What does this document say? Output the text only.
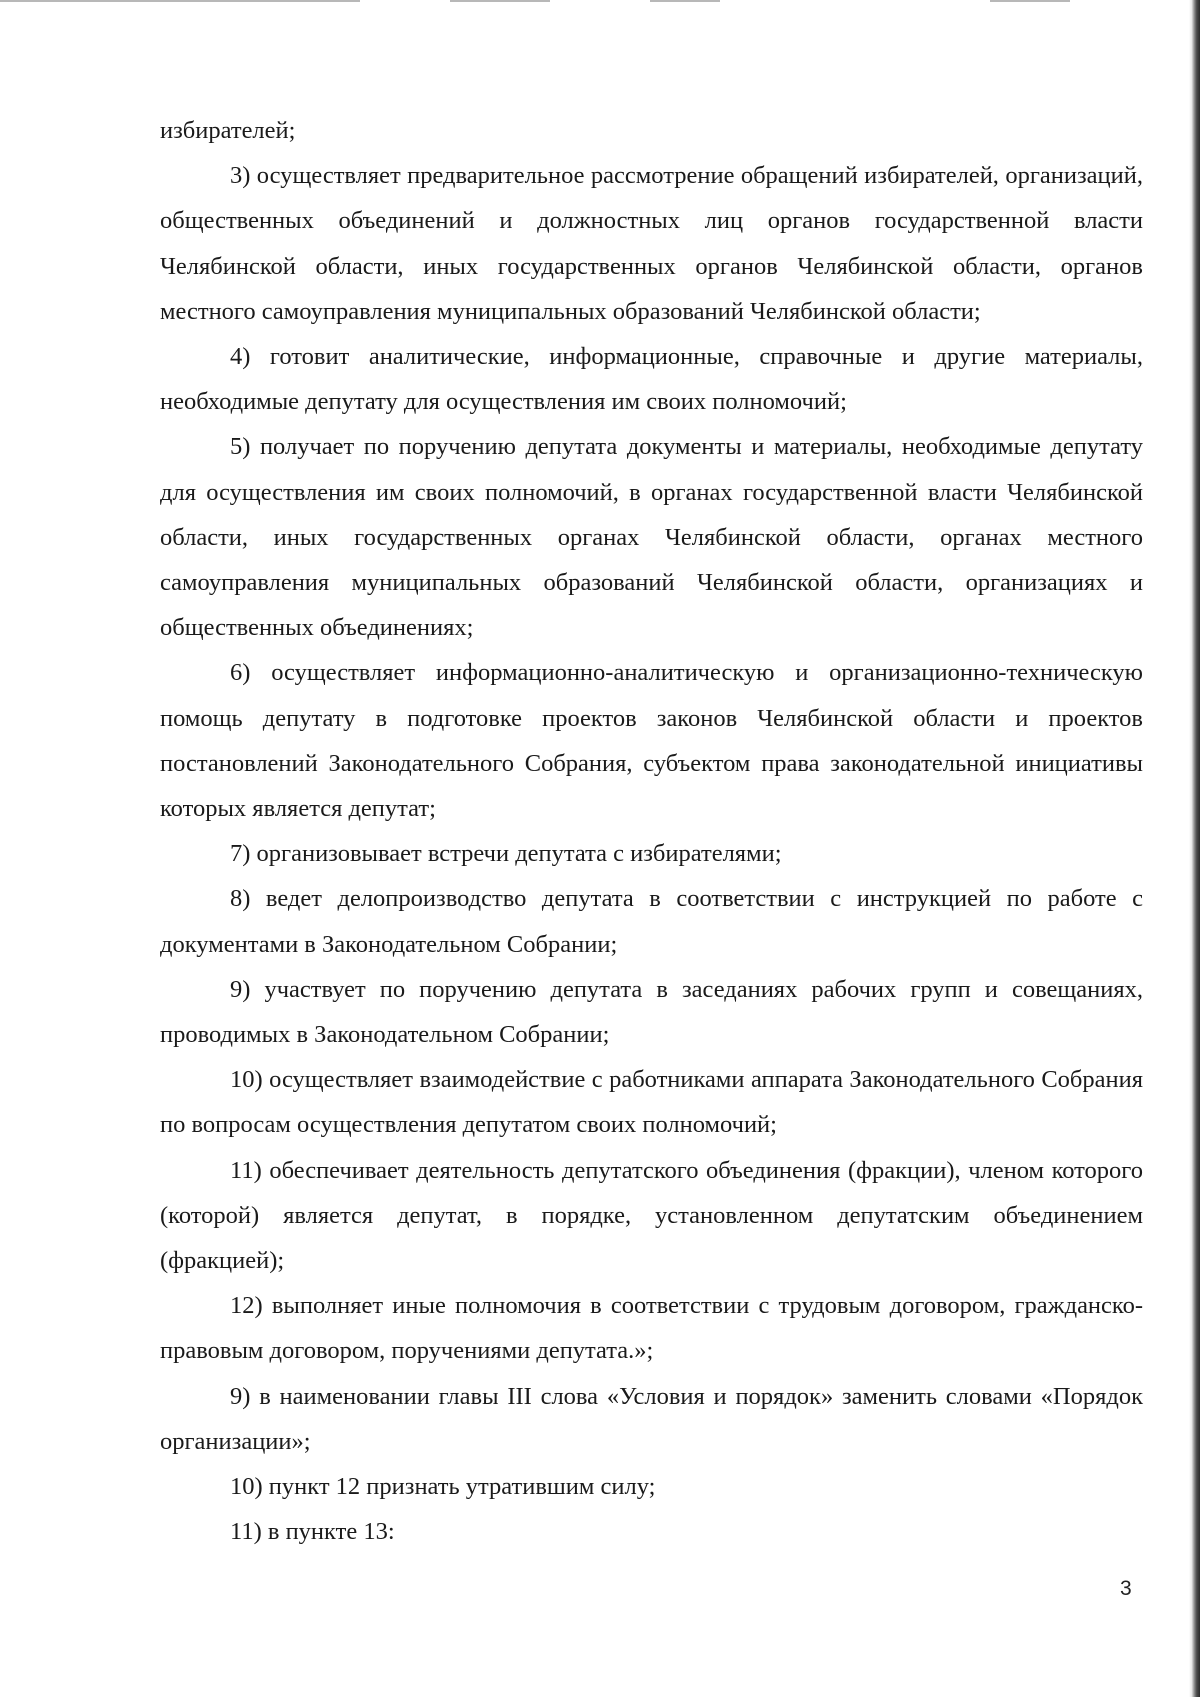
избирателей;

3) осуществляет предварительное рассмотрение обращений избирателей, организаций, общественных объединений и должностных лиц органов государственной власти Челябинской области, иных государственных органов Челябинской области, органов местного самоуправления муниципальных образований Челябинской области;

4) готовит аналитические, информационные, справочные и другие материалы, необходимые депутату для осуществления им своих полномочий;

5) получает по поручению депутата документы и материалы, необходимые депутату для осуществления им своих полномочий, в органах государственной власти Челябинской области, иных государственных органах Челябинской области, органах местного самоуправления муниципальных образований Челябинской области, организациях и общественных объединениях;

6) осуществляет информационно-аналитическую и организационно-техническую помощь депутату в подготовке проектов законов Челябинской области и проектов постановлений Законодательного Собрания, субъектом права законодательной инициативы которых является депутат;

7) организовывает встречи депутата с избирателями;

8) ведет делопроизводство депутата в соответствии с инструкцией по работе с документами в Законодательном Собрании;

9) участвует по поручению депутата в заседаниях рабочих групп и совещаниях, проводимых в Законодательном Собрании;

10) осуществляет взаимодействие с работниками аппарата Законодательного Собрания по вопросам осуществления депутатом своих полномочий;

11) обеспечивает деятельность депутатского объединения (фракции), членом которого (которой) является депутат, в порядке, установленном депутатским объединением (фракцией);

12) выполняет иные полномочия в соответствии с трудовым договором, гражданско-правовым договором, поручениями депутата.»;

9) в наименовании главы III слова «Условия и порядок» заменить словами «Порядок организации»;

10) пункт 12 признать утратившим силу;

11) в пункте 13:

3
